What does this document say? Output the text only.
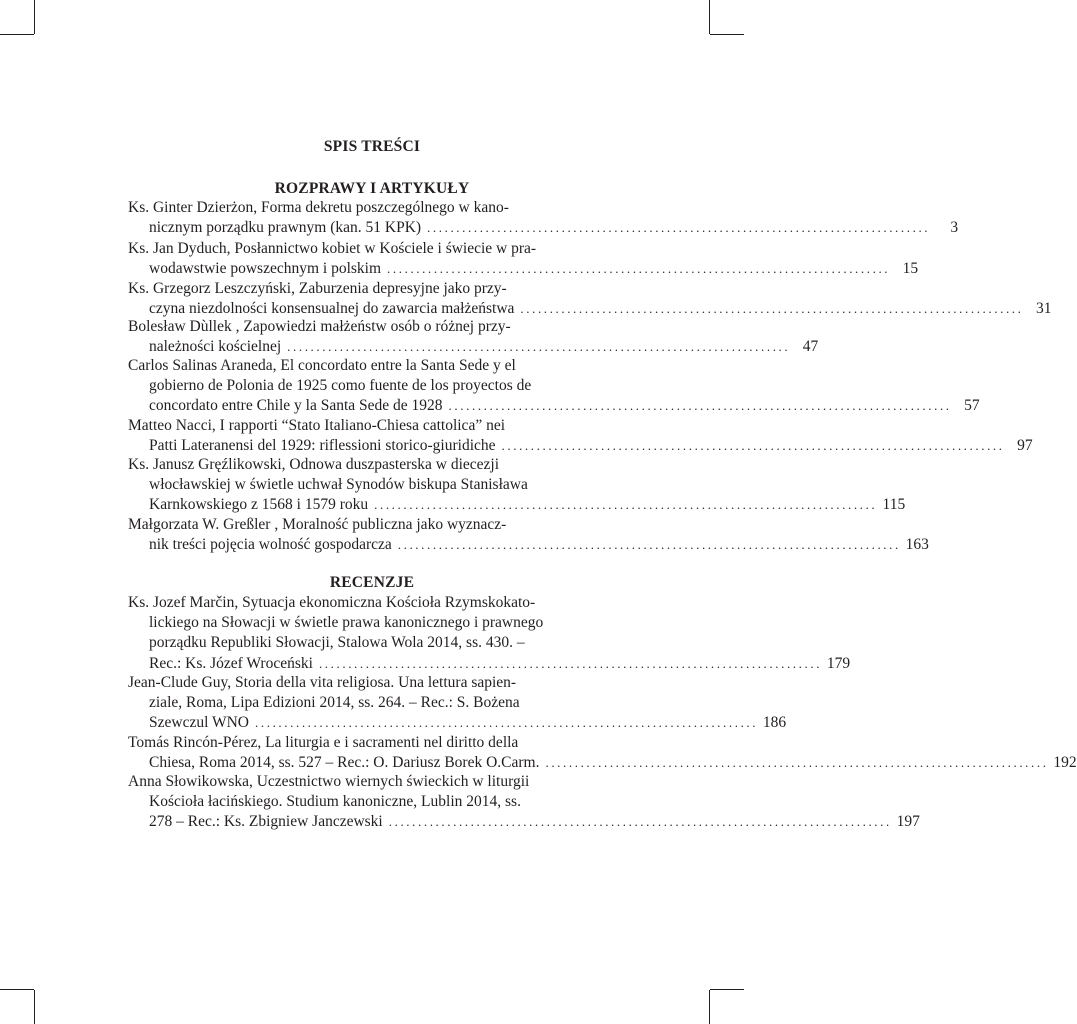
SPIS TREŚCI
ROZPRAWY I ARTYKUŁY
Ks. Ginter Dzierżon, Forma dekretu poszczególnego w kano-
nicznym porządku prawnym (kan. 51 KPK) ......................................................................................	3
Ks. Jan Dyduch, Posłannictwo kobiet w Kościele i świecie w pra-
wodawstwie powszechnym i polskim ...................................................................................... 15
Ks. Grzegorz Leszczyński, Zaburzenia depresyjne jako przy-
czyna niezdolności konsensualnej do zawarcia małżeństwa ...................................................................................... 31
Bolesław Dùllek , Zapowiedzi małżeństw osób o różnej przy-
należności kościelnej ...................................................................................... 47
Carlos Salinas Araneda, El concordato entre la Santa Sede y el
gobierno de Polonia de 1925 como fuente de los proyectos de
concordato entre Chile y la Santa Sede de 1928 ...................................................................................... 57
Matteo Nacci, I rapporti “Stato Italiano-Chiesa cattolica” nei
Patti Lateranensi del 1929: riflessioni storico-giuridiche ...................................................................................... 97
Ks. Janusz Gręźlikowski, Odnowa duszpasterska w diecezji
włocławskiej w świetle uchwał Synodów biskupa Stanisława
Karnkowskiego z 1568 i 1579 roku ...................................................................................... 115
Małgorzata W. Greßler , Moralność publiczna jako wyznacz-
nik treści pojęcia wolność gospodarcza ...................................................................................... 163
RECENZJE
Ks. Jozef Marčin, Sytuacja ekonomiczna Kościoła Rzymskokato-
lickiego na Słowacji w świetle prawa kanonicznego i prawnego
porządku Republiki Słowacji, Stalowa Wola 2014, ss. 430. –
Rec.: Ks. Józef Wroceński ...................................................................................... 179
Jean-Clude Guy, Storia della vita religiosa. Una lettura sapien-
ziale, Roma, Lipa Edizioni 2014, ss. 264. – Rec.: S. Bożena
Szewczul WNO ...................................................................................... 186
Tomás Rincón-Pérez, La liturgia e i sacramenti nel diritto della
Chiesa, Roma 2014, ss. 527 – Rec.: O. Dariusz Borek O.Carm. ...................................................................................... 192
Anna Słowikowska, Uczestnictwo wiernych świeckich w liturgii
Kościoła łacińskiego. Studium kanoniczne, Lublin 2014, ss.
278 – Rec.: Ks. Zbigniew Janczewski ...................................................................................... 197
